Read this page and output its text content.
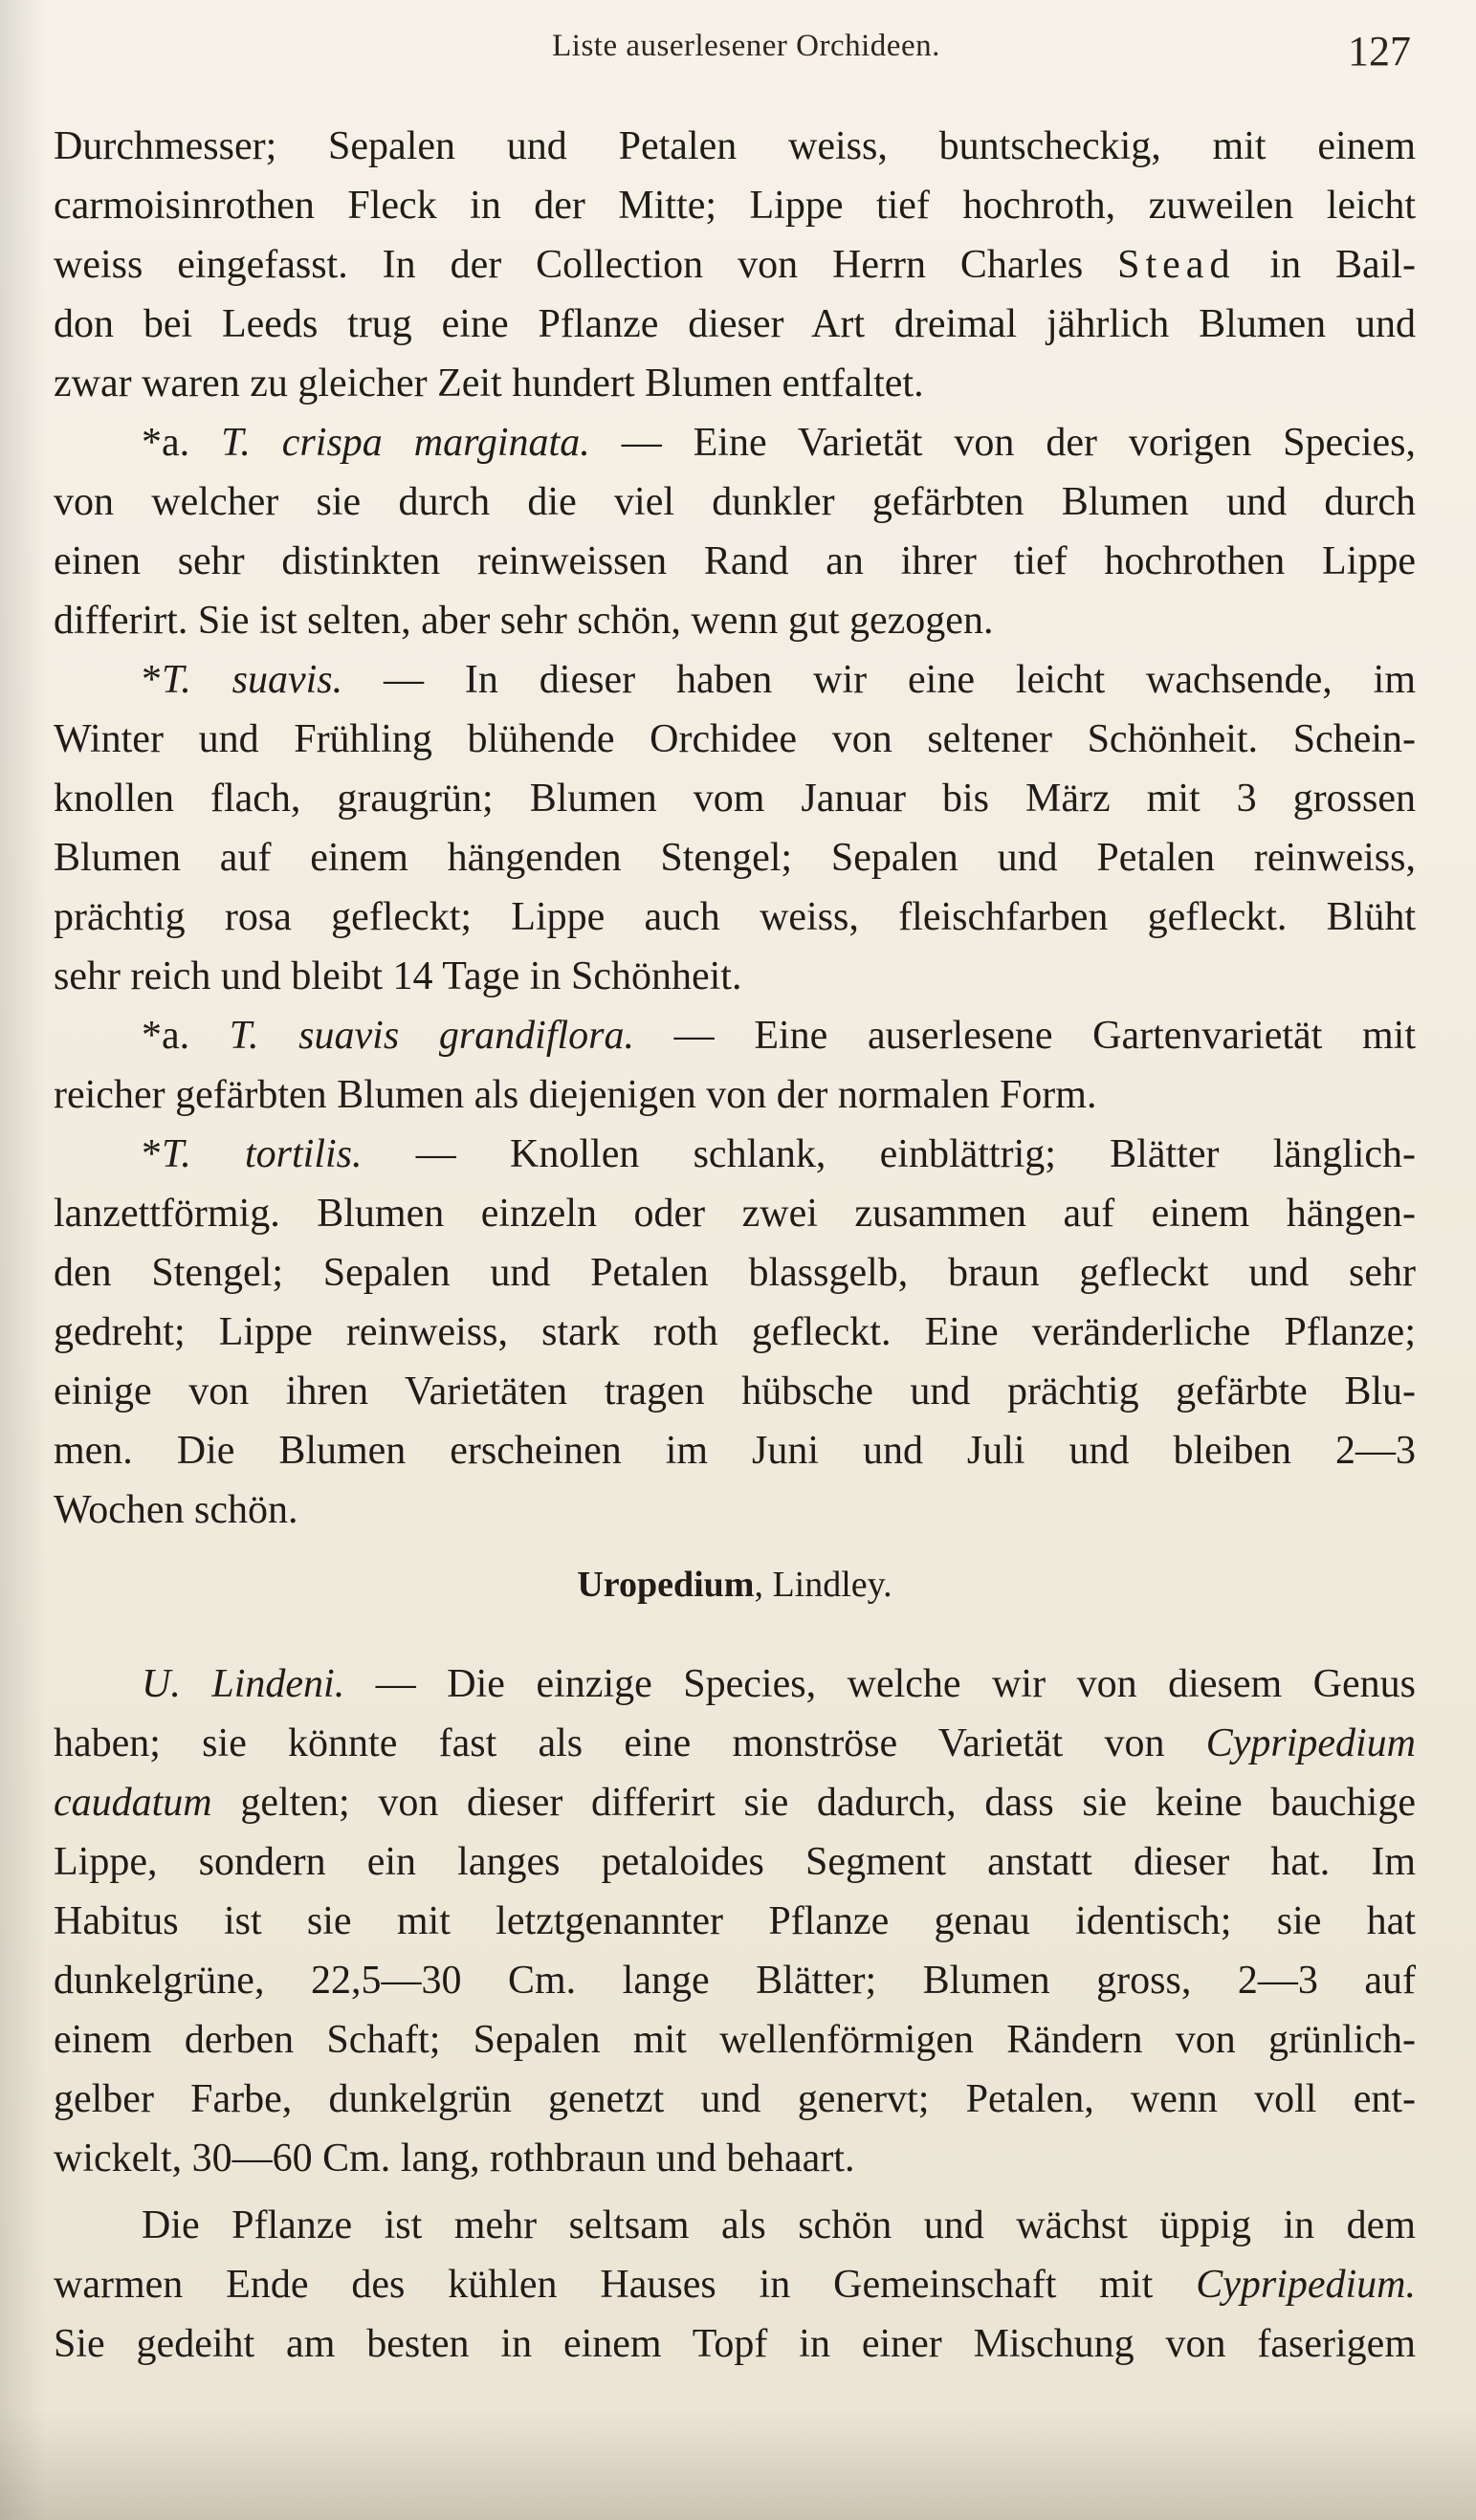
Liste auserlesener Orchideen.	127
Durchmesser; Sepalen und Petalen weiss, buntscheckig, mit einem
carmoisinrothen Fleck in der Mitte; Lippe tief hochroth, zuweilen leicht
weiss eingefasst. In der Collection von Herrn Charles Stead in Bail-
don bei Leeds trug eine Pflanze dieser Art dreimal jährlich Blumen und
zwar waren zu gleicher Zeit hundert Blumen entfaltet.
*a. T. crispa marginata. — Eine Varietät von der vorigen Species,
von welcher sie durch die viel dunkler gefärbten Blumen und durch
einen sehr distinkten reinweissen Rand an ihrer tief hochrothen Lippe
differirt. Sie ist selten, aber sehr schön, wenn gut gezogen.
*T. suavis. — In dieser haben wir eine leicht wachsende, im
Winter und Frühling blühende Orchidee von seltener Schönheit. Schein-
knollen flach, graugrün; Blumen vom Januar bis März mit 3 grossen
Blumen auf einem hängenden Stengel; Sepalen und Petalen reinweiss,
prächtig rosa gefleckt; Lippe auch weiss, fleischfarben gefleckt. Blüht
sehr reich und bleibt 14 Tage in Schönheit.
*a. T. suavis grandiflora. — Eine auserlesene Gartenvarietät mit
reicher gefärbten Blumen als diejenigen von der normalen Form.
*T. tortilis. — Knollen schlank, einblättrig; Blätter länglich-
lanzettförmig. Blumen einzeln oder zwei zusammen auf einem hängen-
den Stengel; Sepalen und Petalen blassgelb, braun gefleckt und sehr
gedreht; Lippe reinweiss, stark roth gefleckt. Eine veränderliche Pflanze;
einige von ihren Varietäten tragen hübsche und prächtig gefärbte Blu-
men. Die Blumen erscheinen im Juni und Juli und bleiben 2—3
Wochen schön.
Uropedium, Lindley.
U. Lindeni. — Die einzige Species, welche wir von diesem Genus
haben; sie könnte fast als eine monströse Varietät von Cypripedium
caudatum gelten; von dieser differirt sie dadurch, dass sie keine bauchige
Lippe, sondern ein langes petaloides Segment anstatt dieser hat. Im
Habitus ist sie mit letztgenannter Pflanze genau identisch; sie hat
dunkelgrüne, 22,5—30 Cm. lange Blätter; Blumen gross, 2—3 auf
einem derben Schaft; Sepalen mit wellenförmigen Rändern von grünlich-
gelber Farbe, dunkelgrün genetzt und genervt; Petalen, wenn voll ent-
wickelt, 30—60 Cm. lang, rothbraun und behaart.
Die Pflanze ist mehr seltsam als schön und wächst üppig in dem
warmen Ende des kühlen Hauses in Gemeinschaft mit Cypripedium.
Sie gedeiht am besten in einem Topf in einer Mischung von faserigem
